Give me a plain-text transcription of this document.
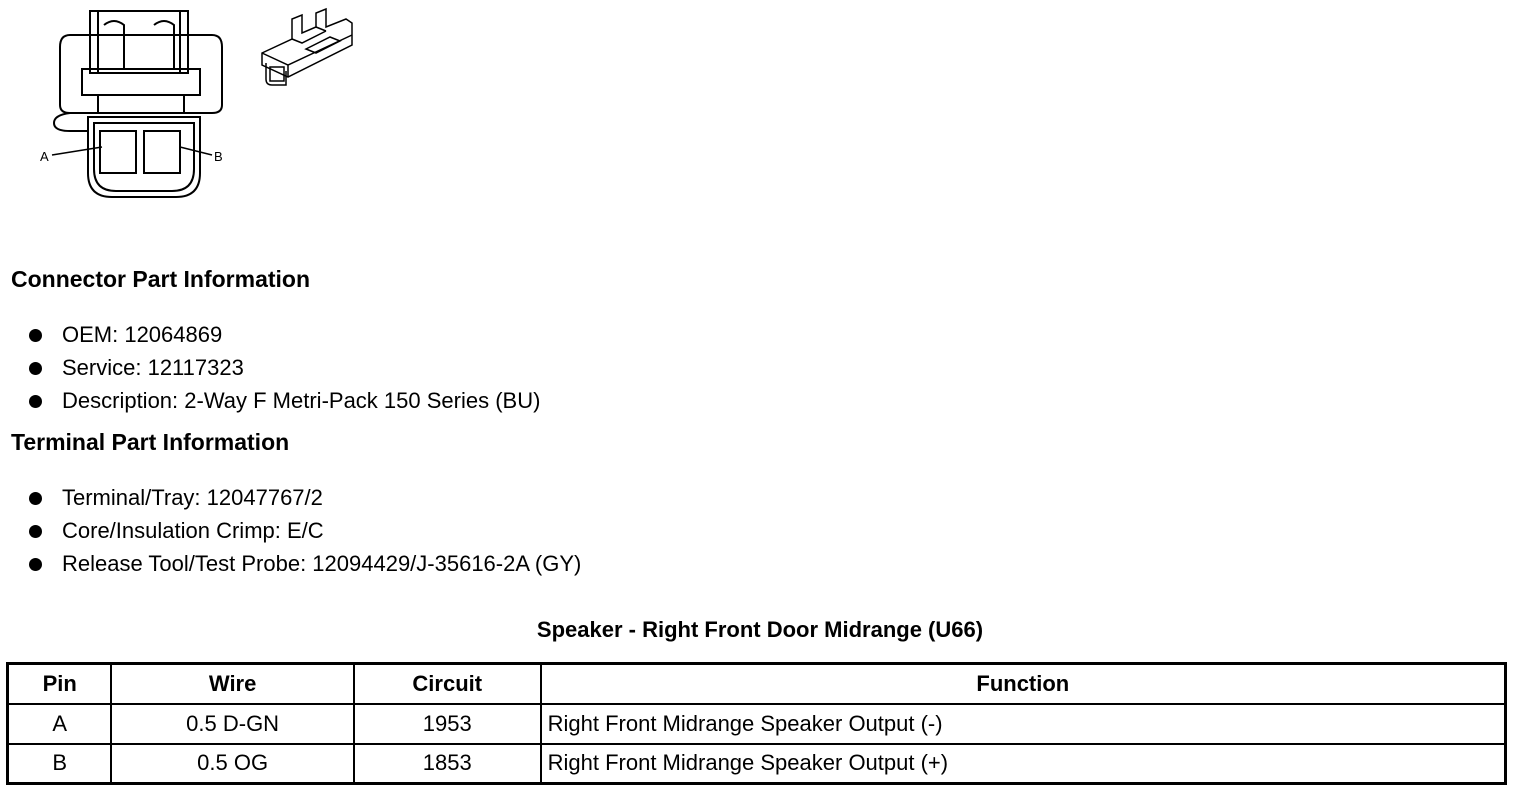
A	B
Connector Part Information
OEM: 12064869
Service: 12117323
Description: 2-Way F Metri-Pack 150 Series (BU)
Terminal Part Information
Terminal/Tray: 12047767/2
Core/Insulation Crimp: E/C
Release Tool/Test Probe: 12094429/J-35616-2A (GY)
Speaker - Right Front Door Midrange (U66)
Pin	Wire	Circuit	Function
A	0.5 D-GN	1953	Right Front Midrange Speaker Output (-)
B	0.5 OG	1853	Right Front Midrange Speaker Output (+)
